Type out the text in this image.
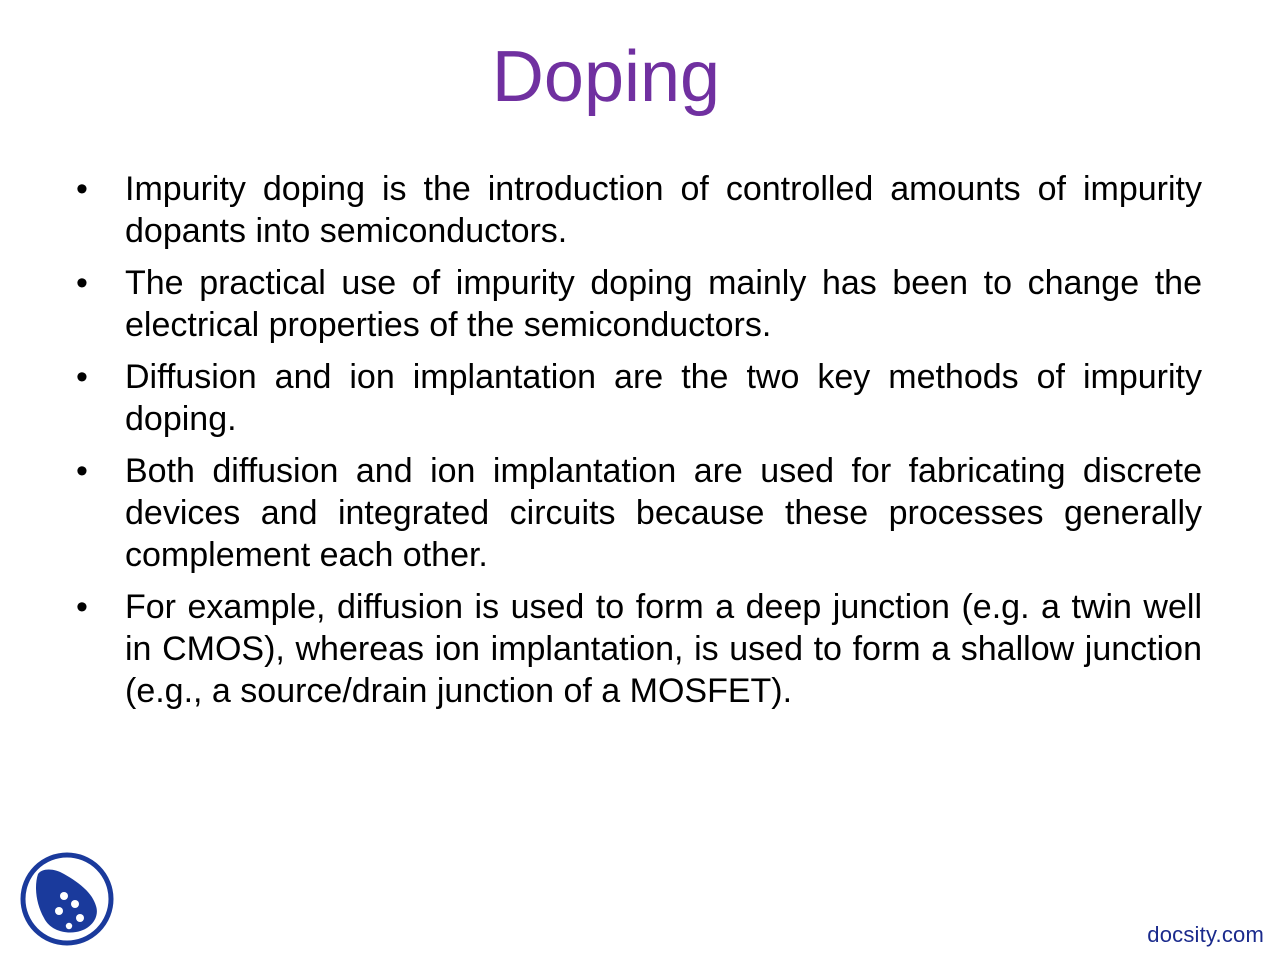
Doping
• Impurity doping is the introduction of controlled amounts of impurity dopants into semiconductors.
• The practical use of impurity doping mainly has been to change the electrical properties of the semiconductors.
• Diffusion and ion implantation are the two key methods of impurity doping.
• Both diffusion and ion implantation are used for fabricating discrete devices and integrated circuits because these processes generally complement each other.
• For example, diffusion is used to form a deep junction (e.g. a twin well in CMOS), whereas ion implantation, is used to form a shallow junction (e.g., a source/drain junction of a MOSFET).
docsity.com
